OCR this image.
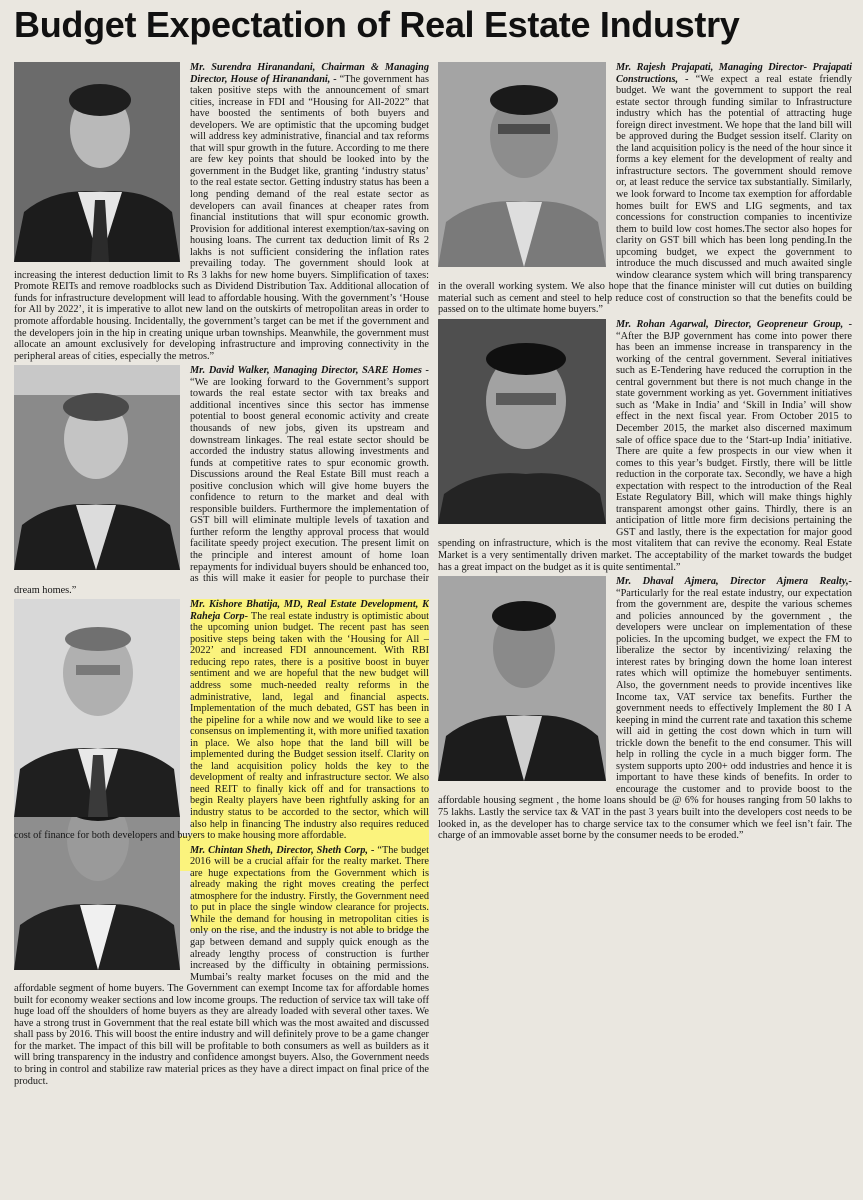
Budget Expectation of Real Estate Industry
Mr. Surendra Hiranandani, Chairman & Managing Director, House of Hiranandani, - “The government has taken positive steps with the announcement of smart cities, increase in FDI and “Housing for All-2022” that have boosted the sentiments of both buyers and developers. We are optimistic that the upcoming budget will address key administrative, financial and tax reforms that will spur growth in the future. According to me there are few key points that should be looked into by the government in the Budget like, granting ‘industry status’ to the real estate sector. Getting industry status has been a long pending demand of the real estate sector as developers can avail finances at cheaper rates from financial institutions that will spur economic growth. Provision for additional interest exemption/tax-saving on housing loans. The current tax deduction limit of Rs 2 lakhs is not sufficient considering the inflation rates prevailing today. The government should look at increasing the interest deduction limit to Rs 3 lakhs for new home buyers. Simplification of taxes: Promote REITs and remove roadblocks such as Dividend Distribution Tax. Additional allocation of funds for infrastructure development will lead to affordable housing. With the government’s ‘House for All by 2022’, it is imperative to allot new land on the outskirts of metropolitan areas in order to promote affordable housing. Incidentally, the government’s target can be met if the government and the developers join in the hip in creating unique urban townships. Meanwhile, the government must allocate an amount exclusively for developing infrastructure and improving connectivity in the peripheral areas of cities, especially the metros.”
Mr. David Walker, Managing Director, SARE Homes - “We are looking forward to the Government’s support towards the real estate sector with tax breaks and additional incentives since this sector has immense potential to boost general economic activity and create thousands of new jobs, given its upstream and downstream linkages. The real estate sector should be accorded the industry status allowing investments and funds at competitive rates to spur economic growth. Discussions around the Real Estate Bill must reach a positive conclusion which will give home buyers the confidence to return to the market and deal with responsible builders. Furthermore the implementation of GST bill will eliminate multiple levels of taxation and further reform the lengthy approval process that would facilitate speedy project execution. The present limit on the principle and interest amount of home loan repayments for individual buyers should be enhanced too, as this will make it easier for people to purchase their dream homes.”
Mr. Kishore Bhatija, MD, Real Estate Development, K Raheja Corp- The real estate industry is optimistic about the upcoming union budget. The recent past has seen positive steps being taken with the ‘Housing for All – 2022’ and increased FDI announcement. With RBI reducing repo rates, there is a positive boost in buyer sentiment and we are hopeful that the new budget will address some much-needed realty reforms in the administrative, land, legal and financial aspects. Implementation of the much debated, GST has been in the pipeline for a while now and we would like to see a consensus on implementing it, with more unified taxation in place. We also hope that the land bill will be implemented during the Budget session itself. Clarity on the land acquisition policy holds the key to the development of realty and infrastructure sector. We also need REIT to finally kick off and for transactions to begin Realty players have been rightfully asking for an industry status to be accorded to the sector, which will also help in financing The industry also requires reduced cost of finance for both developers and buyers to make housing more affordable.
Mr. Chintan Sheth, Director, Sheth Corp, - “The budget 2016 will be a crucial affair for the realty market. There are huge expectations from the Government which is already making the right moves creating the perfect atmosphere for the industry. Firstly, the Government need to put in place the single window clearance for projects. While the demand for housing in metropolitan cities is only on the rise, and the industry is not able to bridge the gap between demand and supply quick enough as the already lengthy process of construction is further increased by the difficulty in obtaining permissions. Mumbai’s realty market focuses on the mid and the affordable segment of home buyers. The Government can exempt Income tax for affordable homes built for economy weaker sections and low income groups. The reduction of service tax will take off huge load off the shoulders of home buyers as they are already loaded with several other taxes. We have a strong trust in Government that the real estate bill which was the most awaited and discussed shall pass by 2016. This will boost the entire industry and will definitely prove to be a game changer for the market. The impact of this bill will be profitable to both consumers as well as builders as it will bring transparency in the industry and confidence amongst buyers. Also, the Government needs to bring in control and stabilize raw material prices as they have a direct impact on final price of the product.
Mr. Rajesh Prajapati, Managing Director- Prajapati Constructions, - “We expect a real estate friendly budget. We want the government to support the real estate sector through funding similar to Infrastructure industry which has the potential of attracting huge foreign direct investment. We hope that the land bill will be approved during the Budget session itself. Clarity on the land acquisition policy is the need of the hour since it forms a key element for the development of realty and infrastructure sectors. The government should remove or, at least reduce the service tax substantially. Similarly, we look forward to Income tax exemption for affordable homes built for EWS and LIG segments, and tax concessions for construction companies to incentivize them to build low cost homes.The sector also hopes for clarity on GST bill which has been long pending.In the upcoming budget, we expect the government to introduce the much discussed and much awaited single window clearance system which will bring transparency in the overall working system. We also hope that the finance minister will cut duties on building material such as cement and steel to help reduce cost of construction so that the benefits could be passed on to the ultimate home buyers.”
Mr. Rohan Agarwal, Director, Geopreneur Group, - “After the BJP government has come into power there has been an immense increase in transparency in the working of the central government. Several initiatives such as E-Tendering have reduced the corruption in the central government but there is not much change in the state government working as yet. Government initiatives such as ‘Make in India’ and ‘Skill in India’ will show effect in the next fiscal year. From October 2015 to December 2015, the market also discerned maximum sale of office space due to the ‘Start-up India’ initiative. There are quite a few prospects in our view when it comes to this year’s budget. Firstly, there will be little reduction in the corporate tax. Secondly, we have a high expectation with respect to the introduction of the Real Estate Regulatory Bill, which will make things highly transparent amongst other gains. Thirdly, there is an anticipation of little more firm decisions pertaining the GST and lastly, there is the expectation for major good spending on infrastructure, which is the most vitalitem that can revive the economy. Real Estate Market is a very sentimentally driven market. The acceptability of the market towards the budget has a great impact on the budget as it is quite sentimental.”
Mr. Dhaval Ajmera, Director Ajmera Realty,- “Particularly for the real estate industry, our expectation from the government are, despite the various schemes and policies announced by the government , the developers were unclear on implementation of these policies. In the upcoming budget, we expect the FM to liberalize the sector by incentivizing/ relaxing the interest rates by bringing down the home loan interest rates which will optimize the homebuyer sentiments. Also, the government needs to provide incentives like Income tax, VAT service tax benefits. Further the government needs to effectively Implement the 80 I A keeping in mind the current rate and taxation this scheme will aid in getting the cost down which in turn will trickle down the benefit to the end consumer. This will help in rolling the cycle in a much bigger form. The system supports upto 200+ odd industries and hence it is important to have these kinds of benefits. In order to encourage the customer and to provide boost to the affordable housing segment , the home loans should be @ 6% for houses ranging from 50 lakhs to 75 lakhs. Lastly the service tax & VAT in the past 3 years built into the developers cost needs to be looked in, as the developer has to charge service tax to the consumer which we feel isn’t fair. The charge of an immovable asset borne by the consumer needs to be eroded.”
